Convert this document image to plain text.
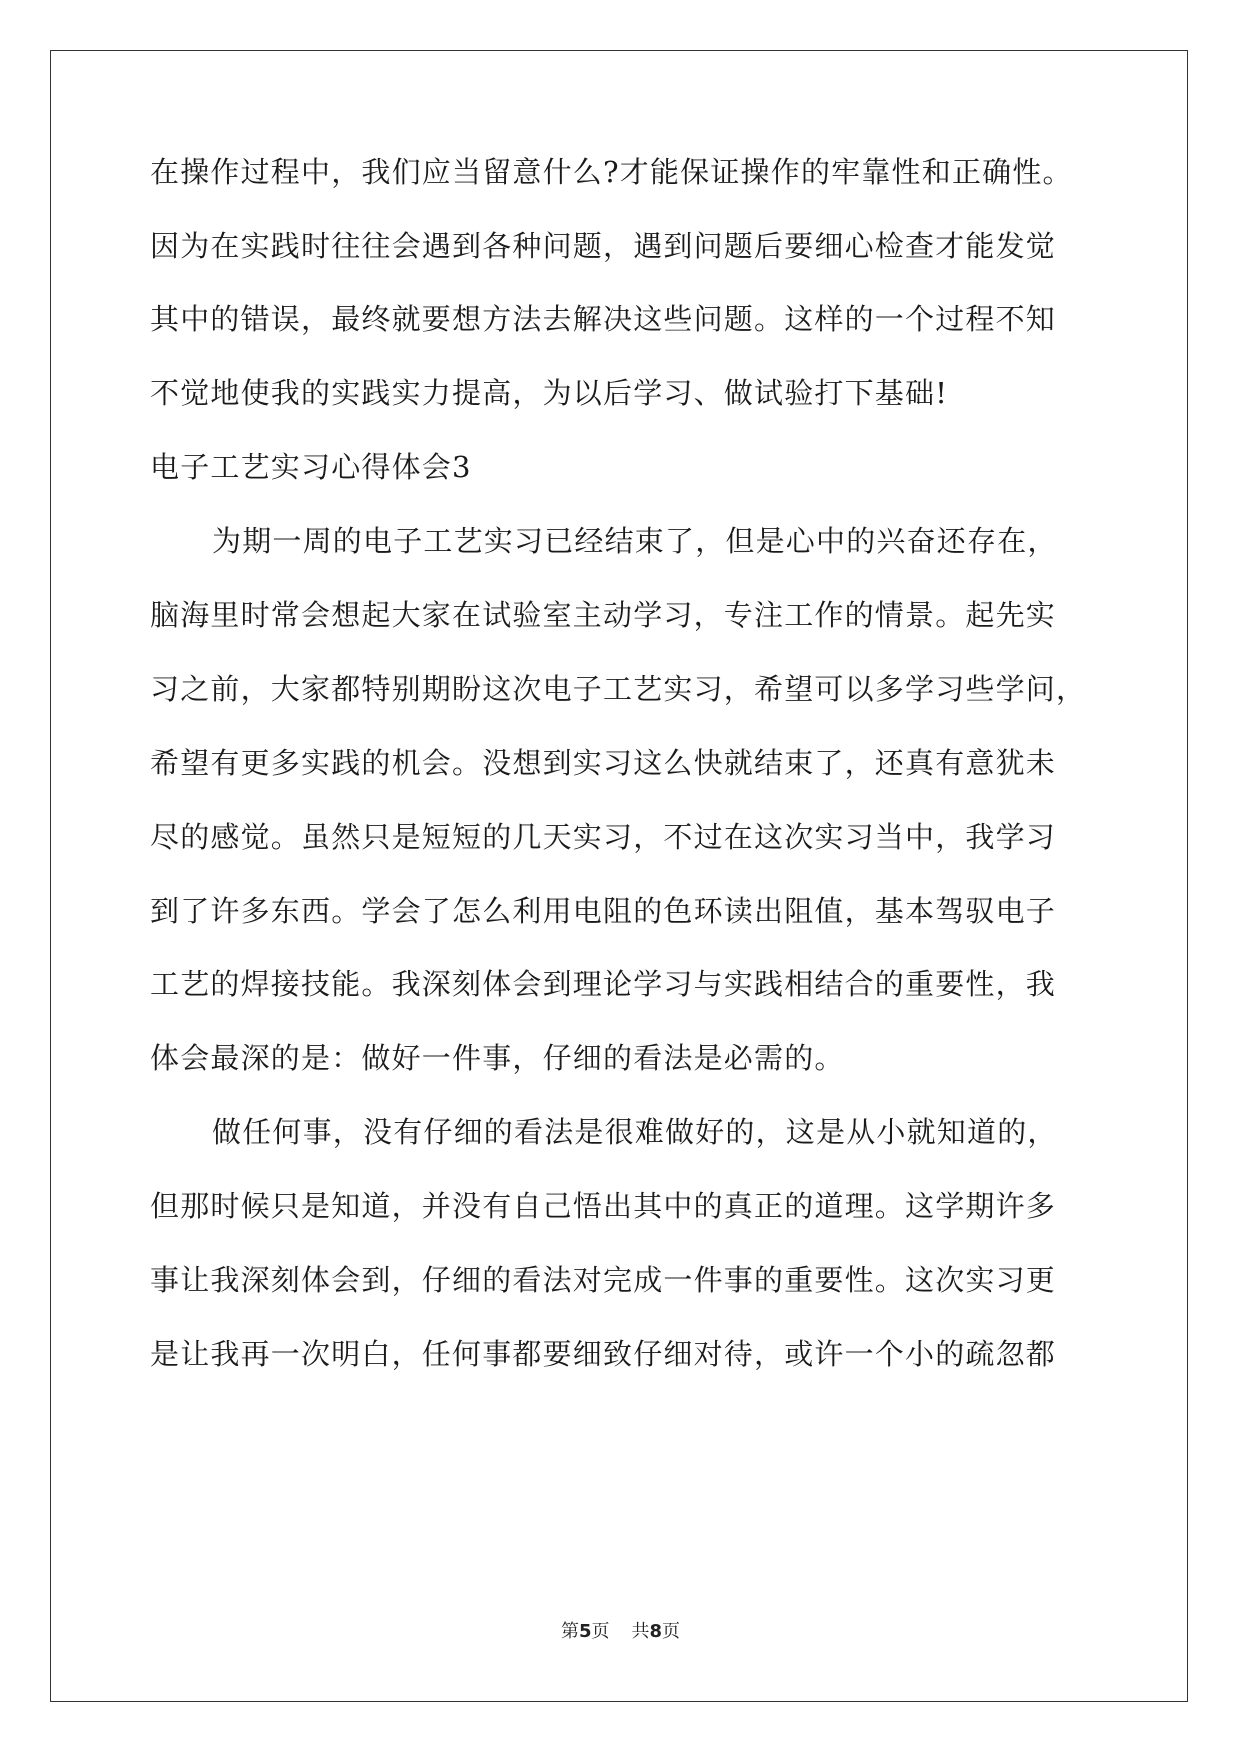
在操作过程中，我们应当留意什么?才能保证操作的牢靠性和正确性。
因为在实践时往往会遇到各种问题，遇到问题后要细心检查才能发觉
其中的错误，最终就要想方法去解决这些问题。这样的一个过程不知
不觉地使我的实践实力提高，为以后学习、做试验打下基础!
电子工艺实习心得体会3
为期一周的电子工艺实习已经结束了，但是心中的兴奋还存在，
脑海里时常会想起大家在试验室主动学习，专注工作的情景。起先实
习之前，大家都特别期盼这次电子工艺实习，希望可以多学习些学问，
希望有更多实践的机会。没想到实习这么快就结束了，还真有意犹未
尽的感觉。虽然只是短短的几天实习，不过在这次实习当中，我学习
到了许多东西。学会了怎么利用电阻的色环读出阻值，基本驾驭电子
工艺的焊接技能。我深刻体会到理论学习与实践相结合的重要性，我
体会最深的是：做好一件事，仔细的看法是必需的。
做任何事，没有仔细的看法是很难做好的，这是从小就知道的，
但那时候只是知道，并没有自己悟出其中的真正的道理。这学期许多
事让我深刻体会到，仔细的看法对完成一件事的重要性。这次实习更
是让我再一次明白，任何事都要细致仔细对待，或许一个小的疏忽都
第5页 共8页
